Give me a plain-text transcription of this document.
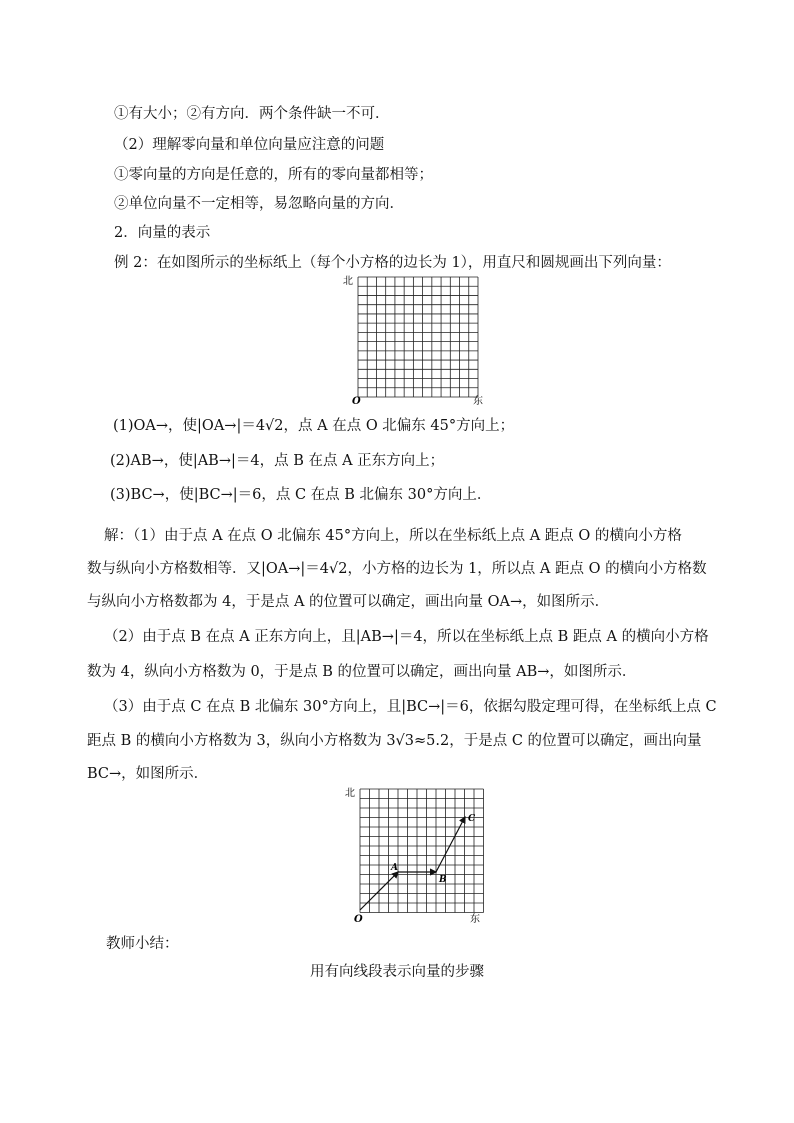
①有大小；②有方向．两个条件缺一不可．
（2）理解零向量和单位向量应注意的问题
①零向量的方向是任意的，所有的零向量都相等；
②单位向量不一定相等，易忽略向量的方向．
2．向量的表示
例 2：在如图所示的坐标纸上（每个小方格的边长为 1），用直尺和圆规画出下列向量：
北
O	东
(1)OA→，使|OA→|＝4√2，点 A 在点 O 北偏东 45°方向上；
(2)AB→，使|AB→|＝4，点 B 在点 A 正东方向上；
(3)BC→，使|BC→|＝6，点 C 在点 B 北偏东 30°方向上．
解：（1）由于点 A 在点 O 北偏东 45°方向上，所以在坐标纸上点 A 距点 O 的横向小方格
数与纵向小方格数相等．又|OA→|＝4√2，小方格的边长为 1，所以点 A 距点 O 的横向小方格数
与纵向小方格数都为 4，于是点 A 的位置可以确定，画出向量 OA→，如图所示．
（2）由于点 B 在点 A 正东方向上，且|AB→|＝4，所以在坐标纸上点 B 距点 A 的横向小方格
数为 4，纵向小方格数为 0，于是点 B 的位置可以确定，画出向量 AB→，如图所示．
（3）由于点 C 在点 B 北偏东 30°方向上，且|BC→|＝6，依据勾股定理可得，在坐标纸上点 C
距点 B 的横向小方格数为 3，纵向小方格数为 3√3≈5.2，于是点 C 的位置可以确定，画出向量
BC→，如图所示．
北
O	东
A
B
C
教师小结：
用有向线段表示向量的步骤
